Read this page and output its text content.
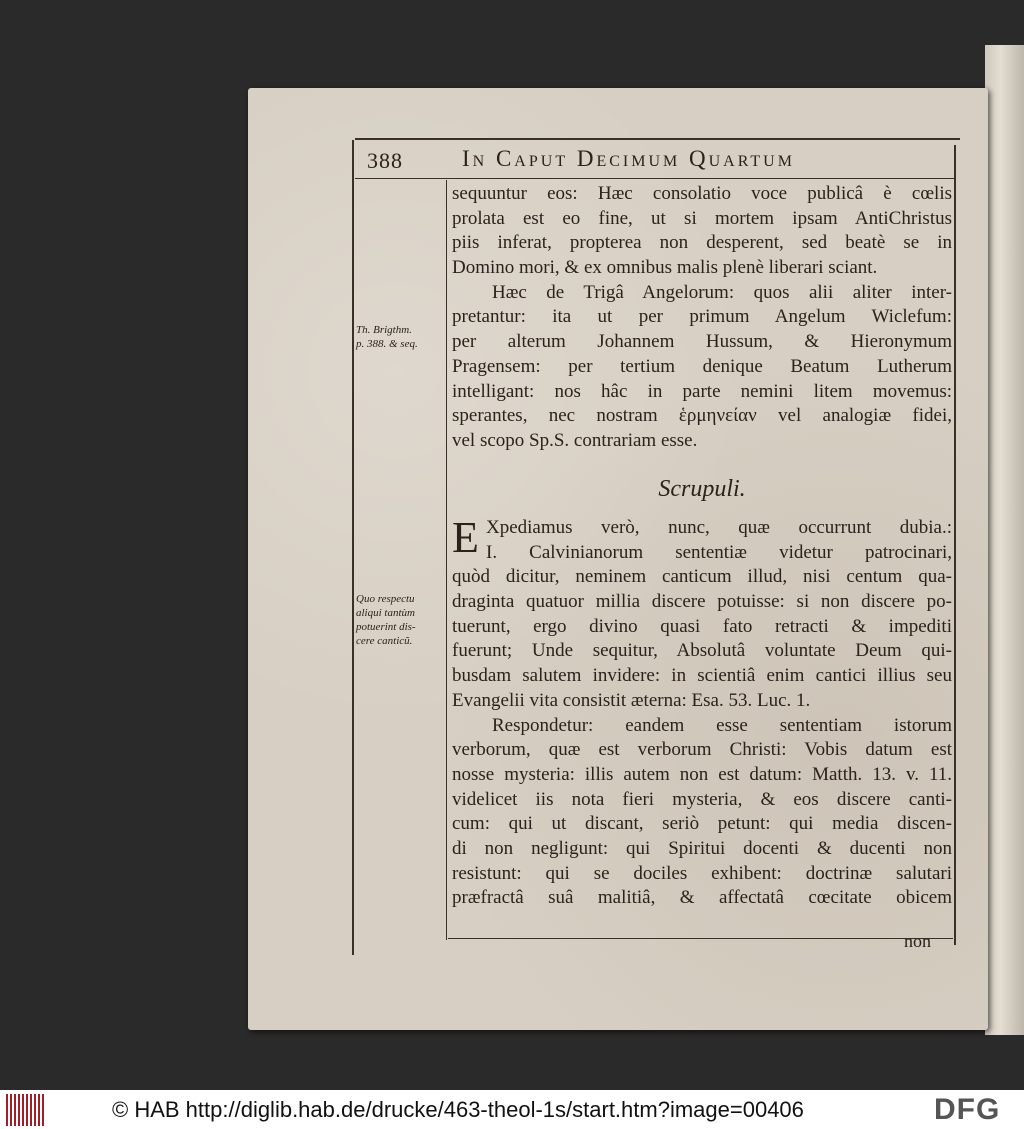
388	In Caput Decimum Quartum
sequuntur eos: Hæc consolatio voce publicâ è cœlis
prolata est eo fine, ut si mortem ipsam AntiChristus
piis inferat, propterea non desperent, sed beatè se in
Domino mori, & ex omnibus malis plenè liberari sciant.
Hæc de Trigâ Angelorum: quos alii aliter inter-
pretantur: ita ut per primum Angelum Wiclefum:
per alterum Johannem Hussum, & Hieronymum
Pragensem: per tertium denique Beatum Lutherum
intelligant: nos hâc in parte nemini litem movemus:
sperantes, nec nostram ἑρμηνείαν vel analogiæ fidei,
vel scopo Sp.S. contrariam esse.
Scrupuli.
E Xpediamus verò, nunc, quæ occurrunt dubia.:
I. Calvinianorum sententiæ videtur patrocinari,
quòd dicitur, neminem canticum illud, nisi centum qua-
draginta quatuor millia discere potuisse: si non discere po-
tuerunt, ergo divino quasi fato retracti & impediti
fuerunt; Unde sequitur, Absolutâ voluntate Deum qui-
busdam salutem invidere: in scientiâ enim cantici illius seu
Evangelii vita consistit æterna: Esa. 53. Luc. 1.
Respondetur: eandem esse sententiam istorum
verborum, quæ est verborum Christi: Vobis datum est
nosse mysteria: illis autem non est datum: Matth. 13. v. 11.
videlicet iis nota fieri mysteria, & eos discere canti-
cum: qui ut discant, seriò petunt: qui media discen-
di non negligunt: qui Spiritui docenti & ducenti non
resistunt: qui se dociles exhibent: doctrinæ salutari
præfractâ suâ malitiâ, & affectatâ cœcitate obicem
Th. Brigthm.
p. 388. & seq.
Quo respectu
aliqui tantùm
potuerint dis-
cere canticũ.
non
© HAB http://diglib.hab.de/drucke/463-theol-1s/start.htm?image=00406	DFG
